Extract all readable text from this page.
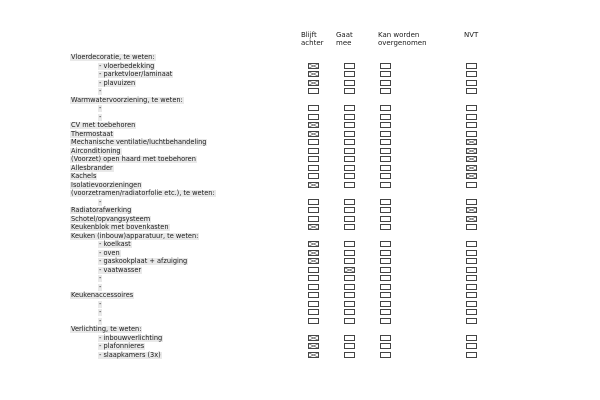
Blijft
achter
Gaat
mee
Kan worden
overgenomen
NVT
Vloerdecoratie, te weten:
- vloerbedekking
- parketvloer/laminaat
- plavuizen
-
Warmwatervoorziening, te weten:
-
-
CV met toebehoren
Thermostaat
Mechanische ventilatie/luchtbehandeling
Airconditioning
(Voorzet) open haard met toebehoren
Allesbrander
Kachels
Isolatievoorzieningen
(voorzetramen/radiatorfolie etc.), te weten:
-
Radiatorafwerking
Schotel/opvangsysteem
Keukenblok met bovenkasten
Keuken (inbouw)apparatuur, te weten:
- koelkast
- oven
- gaskookplaat + afzuiging
- vaatwasser
-
-
Keukenaccessoires
-
-
-
Verlichting, te weten:
- inbouwverlichting
- plafonnieres
- slaapkamers (3x)
